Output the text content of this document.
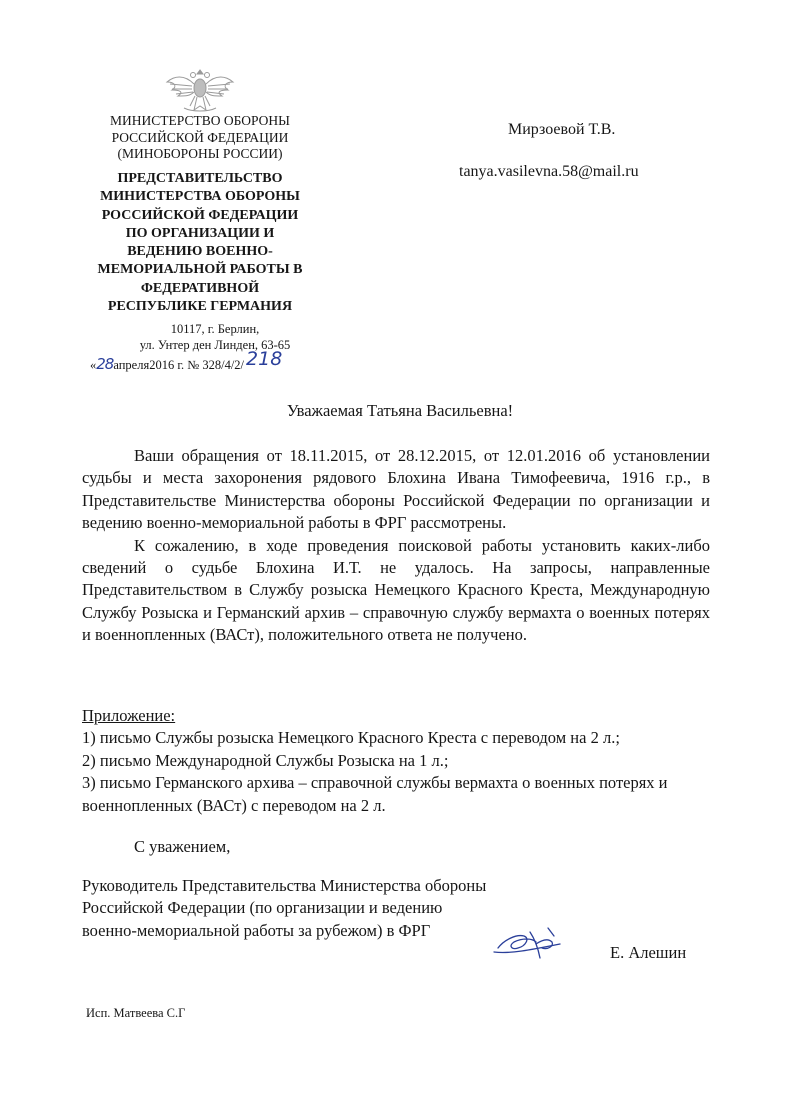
МИНИСТЕРСТВО ОБОРОНЫ
РОССИЙСКОЙ ФЕДЕРАЦИИ
(МИНОБОРОНЫ РОССИИ)
ПРЕДСТАВИТЕЛЬСТВО
МИНИСТЕРСТВА ОБОРОНЫ
РОССИЙСКОЙ ФЕДЕРАЦИИ
ПО ОРГАНИЗАЦИИ И
ВЕДЕНИЮ ВОЕННО-
МЕМОРИАЛЬНОЙ РАБОТЫ В
ФЕДЕРАТИВНОЙ
РЕСПУБЛИКЕ ГЕРМАНИЯ
10117, г. Берлин,
ул. Унтер ден Линден, 63-65
«28апреля2016 г. № 328/4/2/ 218
Мирзоевой Т.В.
tanya.vasilevna.58@mail.ru
Уважаемая Татьяна Васильевна!

Ваши обращения от 18.11.2015, от 28.12.2015, от 12.01.2016 об установлении судьбы и места захоронения рядового Блохина Ивана Тимофеевича, 1916 г.р., в Представительстве Министерства обороны Российской Федерации по организации и ведению военно-мемориальной работы в ФРГ рассмотрены.

К сожалению, в ходе проведения поисковой работы установить каких-либо сведений о судьбе Блохина И.Т. не удалось. На запросы, направленные Представительством в Службу розыска Немецкого Красного Креста, Международную Службу Розыска и Германский архив – справочную службу вермахта о военных потерях и военнопленных (ВАСт), положительного ответа не получено.

Приложение:
1) письмо Службы розыска Немецкого Красного Креста с переводом на 2 л.;
2) письмо Международной Службы Розыска на 1 л.;
3) письмо Германского архива – справочной службы вермахта о военных потерях и военнопленных (ВАСт) с переводом на 2 л.
С уважением,
Руководитель Представительства Министерства обороны
Российской Федерации (по организации и ведению
военно-мемориальной работы за рубежом) в ФРГ
Е. Алешин
Исп. Матвеева С.Г
